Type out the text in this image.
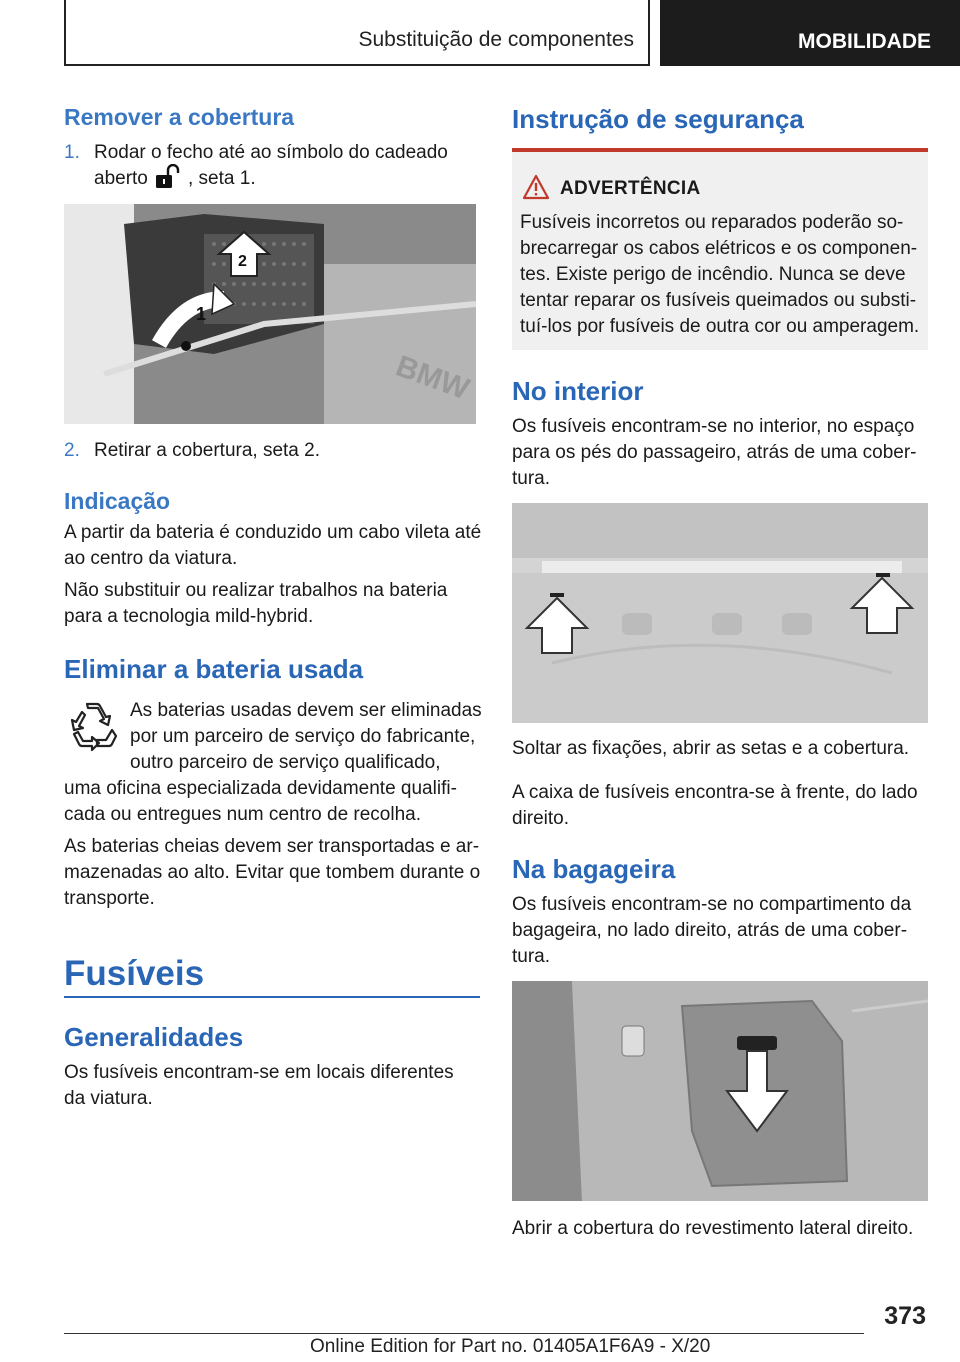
Substituição de componentes	MOBILIDADE
Remover a cobertura
1. Rodar o fecho até ao símbolo do cadeado
aberto , seta 1.
2
1
BMW
2. Retirar a cobertura, seta 2.
Indicação
A partir da bateria é conduzido um cabo vileta até
ao centro da viatura.
Não substituir ou realizar trabalhos na bateria
para a tecnologia mild-hybrid.
Eliminar a bateria usada
As baterias usadas devem ser eliminadas
por um parceiro de serviço do fabricante,
outro parceiro de serviço qualificado,
uma oficina especializada devidamente qualifi-
cada ou entregues num centro de recolha.
As baterias cheias devem ser transportadas e ar-
mazenadas ao alto. Evitar que tombem durante o
transporte.
Fusíveis
Generalidades
Os fusíveis encontram-se em locais diferentes
da viatura.
Instrução de segurança
ADVERTÊNCIA
Fusíveis incorretos ou reparados poderão so-
brecarregar os cabos elétricos e os componen-
tes. Existe perigo de incêndio. Nunca se deve
tentar reparar os fusíveis queimados ou substi-
tuí-los por fusíveis de outra cor ou amperagem.
No interior
Os fusíveis encontram-se no interior, no espaço
para os pés do passageiro, atrás de uma cober-
tura.
Soltar as fixações, abrir as setas e a cobertura.
A caixa de fusíveis encontra-se à frente, do lado
direito.
Na bagageira
Os fusíveis encontram-se no compartimento da
bagageira, no lado direito, atrás de uma cober-
tura.
Abrir a cobertura do revestimento lateral direito.
373
Online Edition for Part no. 01405A1F6A9 - X/20
